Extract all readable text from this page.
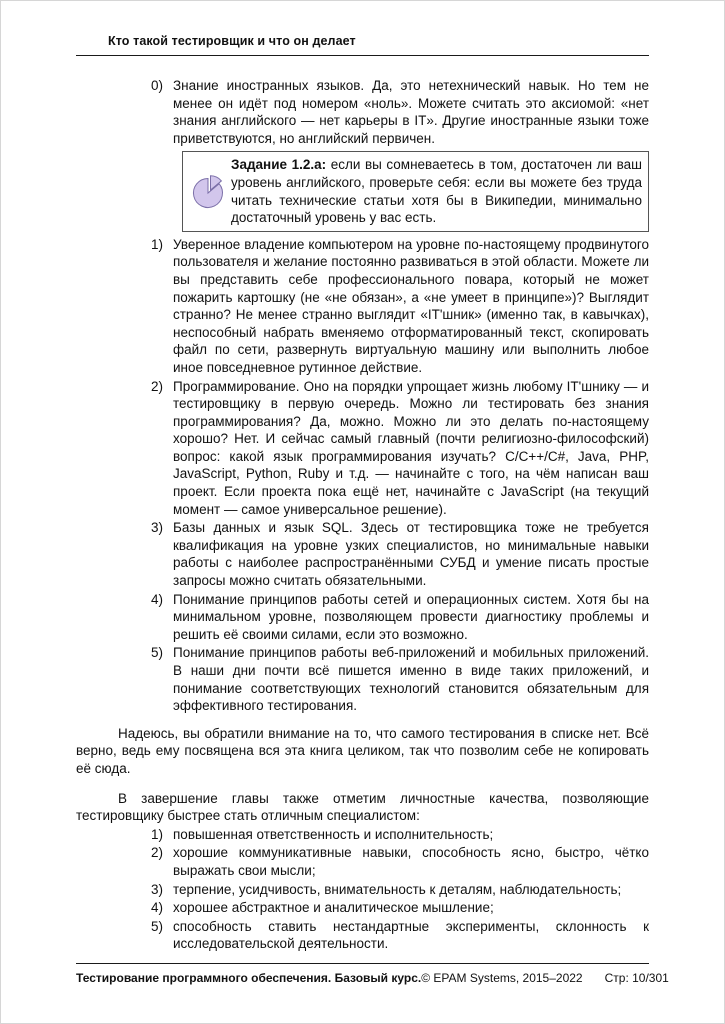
Кто такой тестировщик и что он делает
0) Знание иностранных языков. Да, это нетехнический навык. Но тем не менее он идёт под номером «ноль». Можете считать это аксиомой: «нет знания английского — нет карьеры в IT». Другие иностранные языки тоже приветствуются, но английский первичен.
Задание 1.2.a: если вы сомневаетесь в том, достаточен ли ваш уровень английского, проверьте себя: если вы можете без труда читать технические статьи хотя бы в Википедии, минимально достаточный уровень у вас есть.
1) Уверенное владение компьютером на уровне по-настоящему продвинутого пользователя и желание постоянно развиваться в этой области. Можете ли вы представить себе профессионального повара, который не может пожарить картошку (не «не обязан», а «не умеет в принципе»)? Выглядит странно? Не менее странно выглядит «IT'шник» (именно так, в кавычках), неспособный набрать вменяемо отформатированный текст, скопировать файл по сети, развернуть виртуальную машину или выполнить любое иное повседневное рутинное действие.
2) Программирование. Оно на порядки упрощает жизнь любому IT'шнику — и тестировщику в первую очередь. Можно ли тестировать без знания программирования? Да, можно. Можно ли это делать по-настоящему хорошо? Нет. И сейчас самый главный (почти религиозно-философский) вопрос: какой язык программирования изучать? C/C++/C#, Java, PHP, JavaScript, Python, Ruby и т.д. — начинайте с того, на чём написан ваш проект. Если проекта пока ещё нет, начинайте с JavaScript (на текущий момент — самое универсальное решение).
3) Базы данных и язык SQL. Здесь от тестировщика тоже не требуется квалификация на уровне узких специалистов, но минимальные навыки работы с наиболее распространёнными СУБД и умение писать простые запросы можно считать обязательными.
4) Понимание принципов работы сетей и операционных систем. Хотя бы на минимальном уровне, позволяющем провести диагностику проблемы и решить её своими силами, если это возможно.
5) Понимание принципов работы веб-приложений и мобильных приложений. В наши дни почти всё пишется именно в виде таких приложений, и понимание соответствующих технологий становится обязательным для эффективного тестирования.

Надеюсь, вы обратили внимание на то, что самого тестирования в списке нет. Всё верно, ведь ему посвящена вся эта книга целиком, так что позволим себе не копировать её сюда.

В завершение главы также отметим личностные качества, позволяющие тестировщику быстрее стать отличным специалистом:

1) повышенная ответственность и исполнительность;
2) хорошие коммуникативные навыки, способность ясно, быстро, чётко выражать свои мысли;
3) терпение, усидчивость, внимательность к деталям, наблюдательность;
4) хорошее абстрактное и аналитическое мышление;
5) способность ставить нестандартные эксперименты, склонность к исследовательской деятельности.
Тестирование программного обеспечения. Базовый курс. © EPAM Systems, 2015–2022 Стр: 10/301
